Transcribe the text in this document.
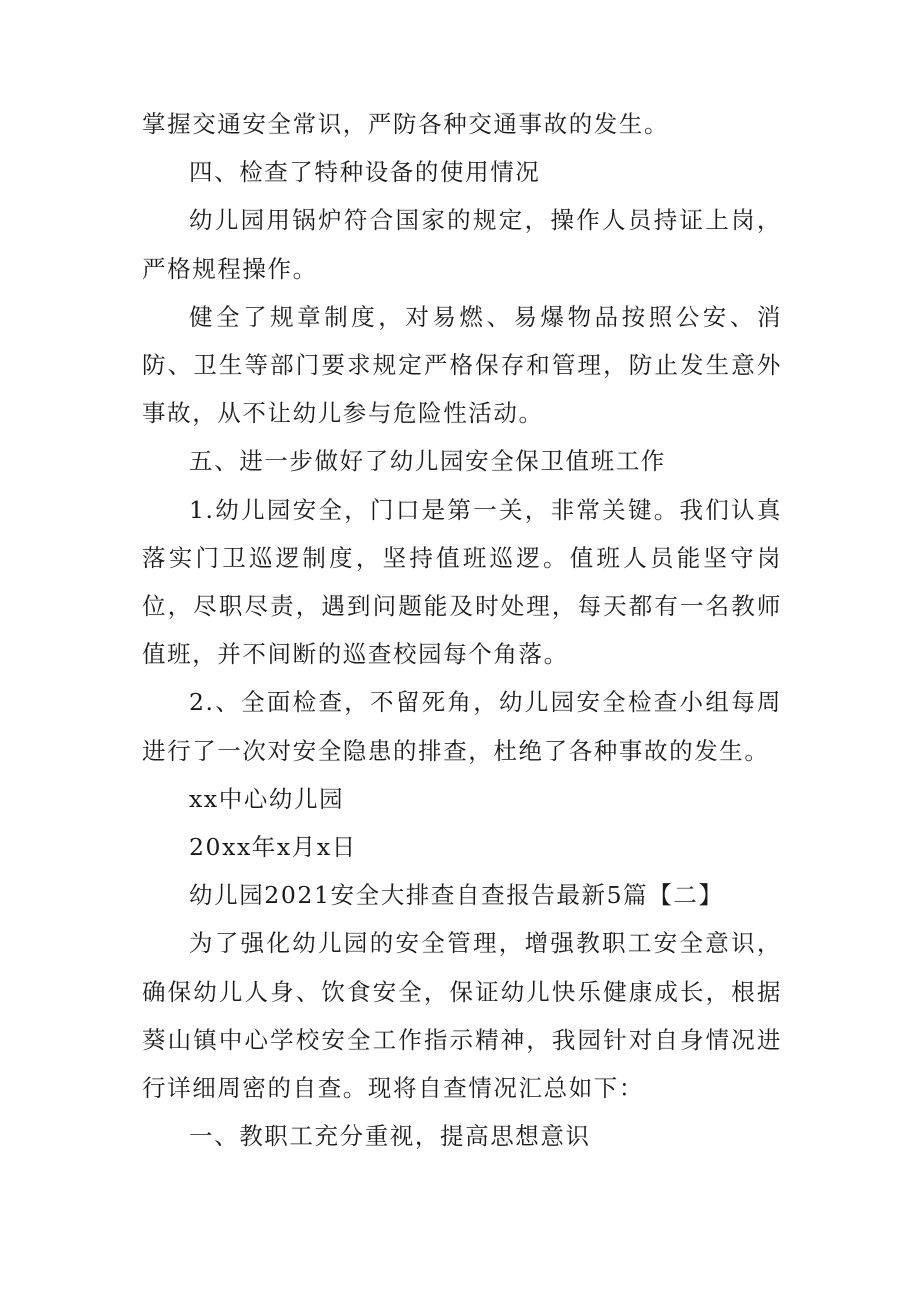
掌握交通安全常识，严防各种交通事故的发生。

四、检查了特种设备的使用情况

幼儿园用锅炉符合国家的规定，操作人员持证上岗，严格规程操作。

健全了规章制度，对易燃、易爆物品按照公安、消防、卫生等部门要求规定严格保存和管理，防止发生意外事故，从不让幼儿参与危险性活动。

五、进一步做好了幼儿园安全保卫值班工作

1.幼儿园安全，门口是第一关，非常关键。我们认真落实门卫巡逻制度，坚持值班巡逻。值班人员能坚守岗位，尽职尽责，遇到问题能及时处理，每天都有一名教师值班，并不间断的巡查校园每个角落。

2.、全面检查，不留死角，幼儿园安全检查小组每周进行了一次对安全隐患的排查，杜绝了各种事故的发生。

xx中心幼儿园

20xx年x月x日

幼儿园2021安全大排查自查报告最新5篇【二】

为了强化幼儿园的安全管理，增强教职工安全意识，确保幼儿人身、饮食安全，保证幼儿快乐健康成长，根据葵山镇中心学校安全工作指示精神，我园针对自身情况进行详细周密的自查。现将自查情况汇总如下：

一、教职工充分重视，提高思想意识
